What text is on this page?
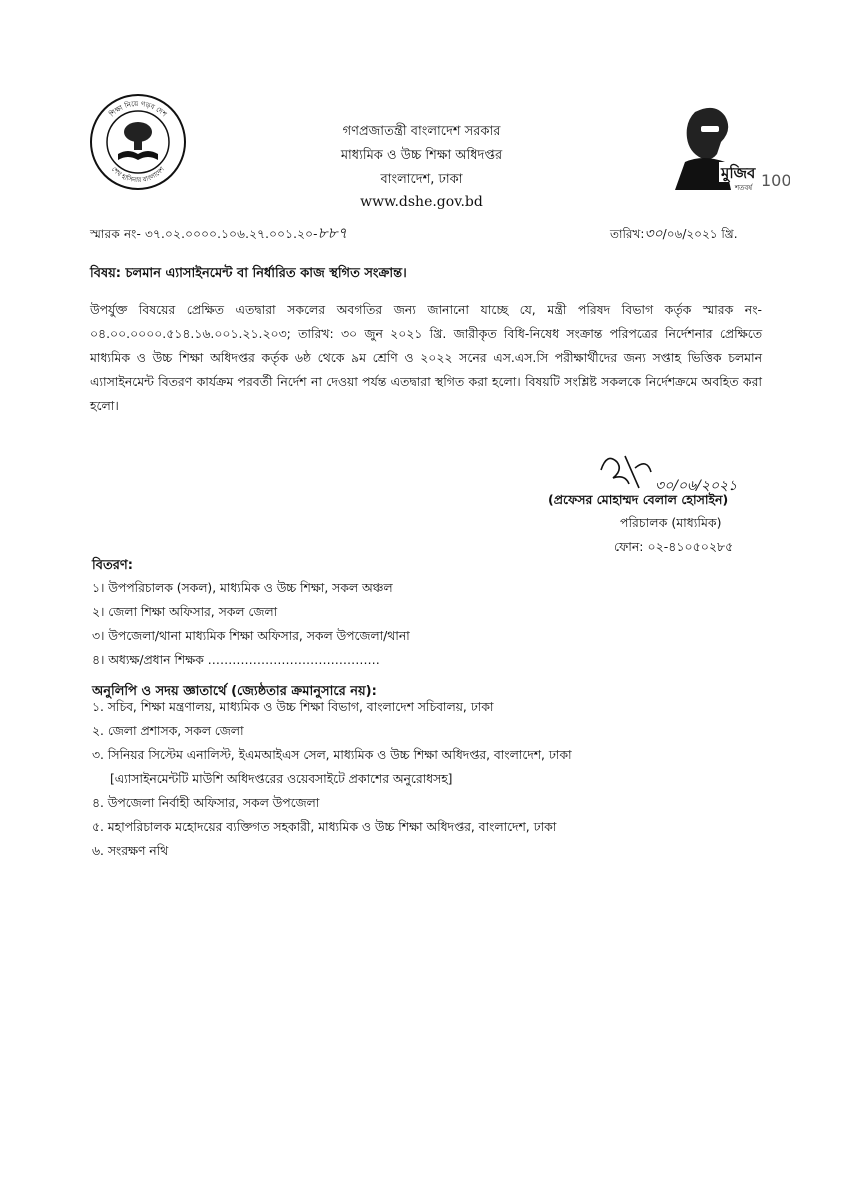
শিক্ষা নিয়ে গড়ব দেশ
শেখ হাসিনার বাংলাদেশ
গণপ্রজাতন্ত্রী বাংলাদেশ সরকার
মাধ্যমিক ও উচ্চ শিক্ষা অধিদপ্তর
বাংলাদেশ, ঢাকা
www.dshe.gov.bd
মুজিব
শতবর্ষ 100
স্মারক নং- ৩৭.০২.০০০০.১০৬.২৭.০০১.২০-৮৮৭	তারিখ:৩০/০৬/২০২১ খ্রি.
বিষয়: চলমান এ্যাসাইনমেন্ট বা নির্ধারিত কাজ স্থগিত সংক্রান্ত।
উপর্যুক্ত বিষয়ের প্রেক্ষিত এতদ্বারা সকলের অবগতির জন্য জানানো যাচ্ছে যে, মন্ত্রী পরিষদ বিভাগ কর্তৃক স্মারক নং- ০৪.০০.০০০০.৫১৪.১৬.০০১.২১.২০৩; তারিখ: ৩০ জুন ২০২১ খ্রি. জারীকৃত বিধি-নিষেধ সংক্রান্ত পরিপত্রের নির্দেশনার প্রেক্ষিতে মাধ্যমিক ও উচ্চ শিক্ষা অধিদপ্তর কর্তৃক ৬ষ্ঠ থেকে ৯ম শ্রেণি ও ২০২২ সনের এস.এস.সি পরীক্ষার্থীদের জন্য সপ্তাহ ভিত্তিক চলমান এ্যাসাইনমেন্ট বিতরণ কার্যক্রম পরবর্তী নির্দেশ না দেওয়া পর্যন্ত এতদ্বারা স্থগিত করা হলো। বিষয়টি সংশ্লিষ্ট সকলকে নির্দেশক্রমে অবহিত করা হলো।
৩০/০৬/২০২১
(প্রফেসর মোহাম্মদ বেলাল হোসাইন)
পরিচালক (মাধ্যমিক)
ফোন: ০২-৪১০৫০২৮৫
বিতরণ:
১। উপপরিচালক (সকল), মাধ্যমিক ও উচ্চ শিক্ষা, সকল অঞ্চল
২। জেলা শিক্ষা অফিসার, সকল জেলা
৩। উপজেলা/থানা মাধ্যমিক শিক্ষা অফিসার, সকল উপজেলা/থানা
৪। অধ্যক্ষ/প্রধান শিক্ষক ……………………………………
অনুলিপি ও সদয় জ্ঞাতার্থে (জ্যেষ্ঠতার ক্রমানুসারে নয়):
১. সচিব, শিক্ষা মন্ত্রণালয়, মাধ্যমিক ও উচ্চ শিক্ষা বিভাগ, বাংলাদেশ সচিবালয়, ঢাকা
২. জেলা প্রশাসক, সকল জেলা
৩. সিনিয়র সিস্টেম এনালিস্ট, ইএমআইএস সেল, মাধ্যমিক ও উচ্চ শিক্ষা অধিদপ্তর, বাংলাদেশ, ঢাকা
[এ্যাসাইনমেন্টটি মাউশি অধিদপ্তরের ওয়েবসাইটে প্রকাশের অনুরোধসহ]
৪. উপজেলা নির্বাহী অফিসার, সকল উপজেলা
৫. মহাপরিচালক মহোদয়ের ব্যক্তিগত সহকারী, মাধ্যমিক ও উচ্চ শিক্ষা অধিদপ্তর, বাংলাদেশ, ঢাকা
৬. সংরক্ষণ নথি
